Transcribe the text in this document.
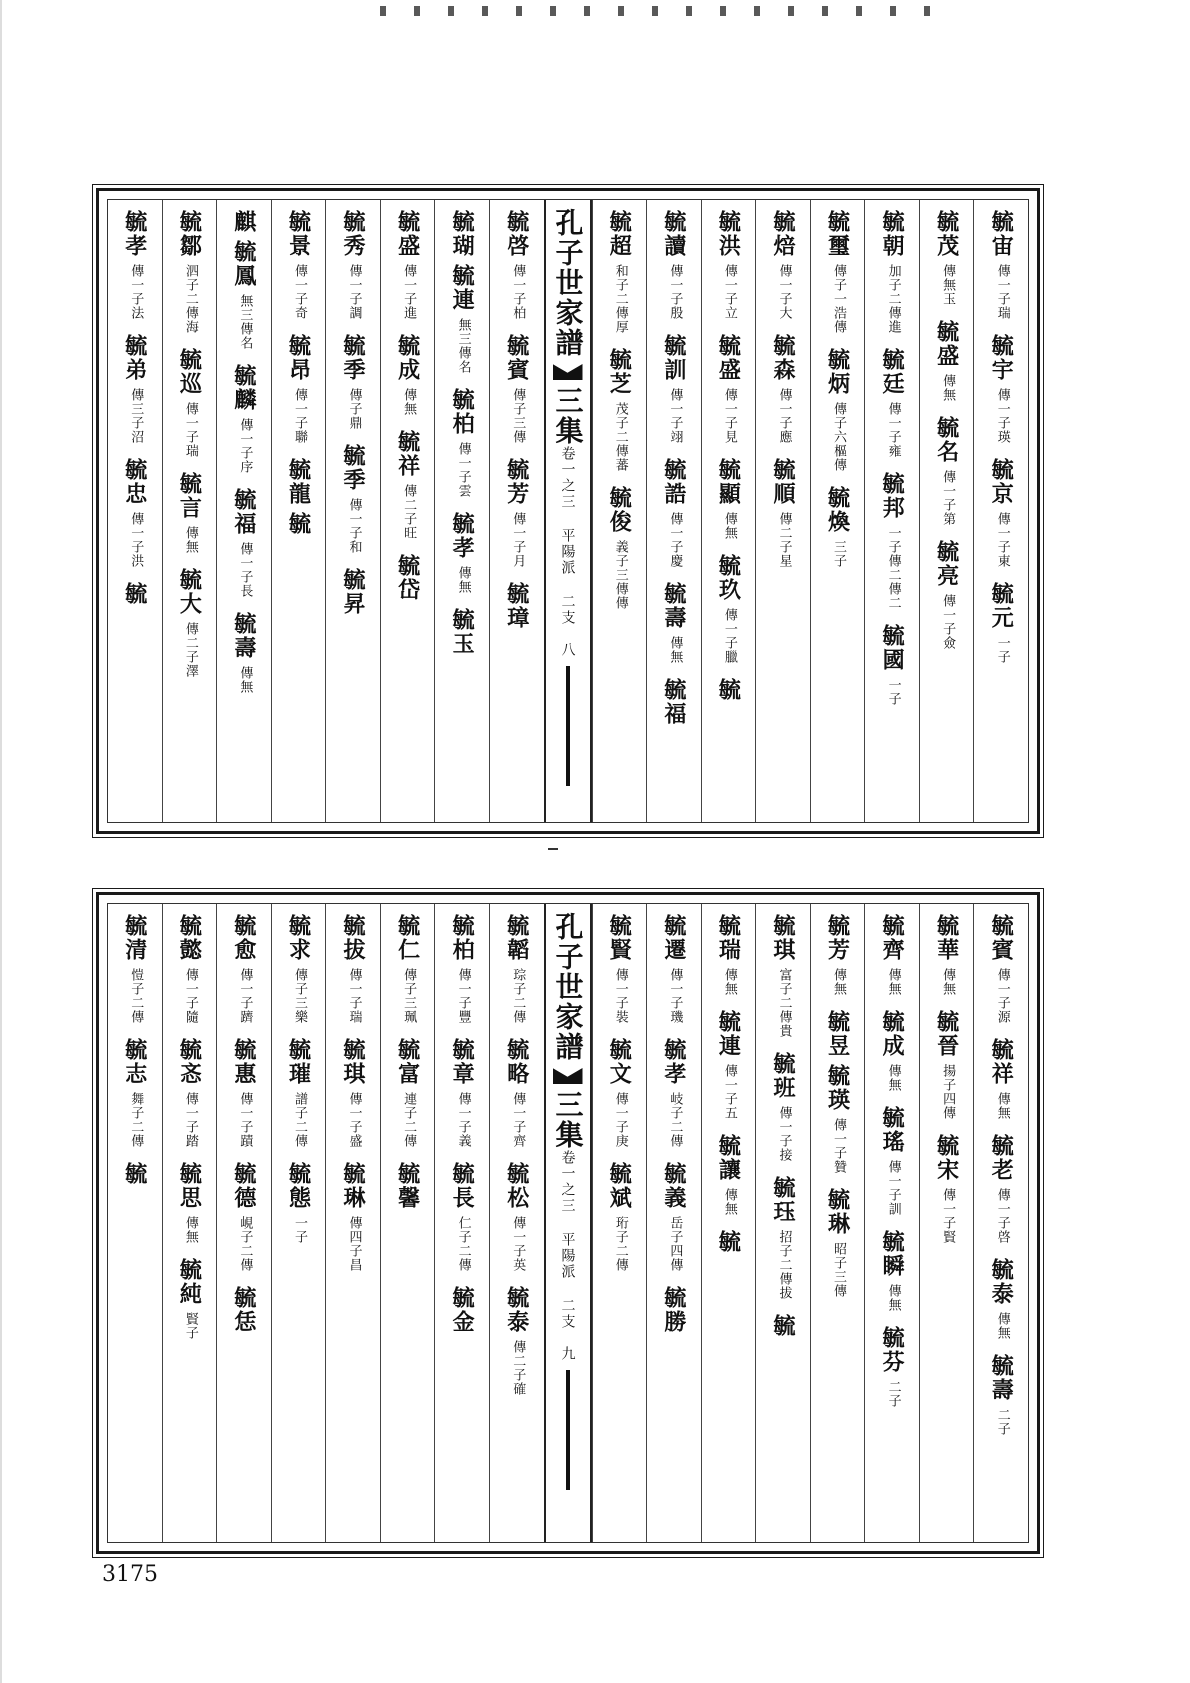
毓宙
傳一子瑞
毓宇
傳一子瑛
毓京
傳一子東
毓元
一子
毓茂
傳無玉
毓盛
傳無
毓名
傳一子第
毓亮
傳一子僉
毓朝
加子二傳進
毓廷
傳一子雍
毓邦
一子傳二傳二
毓國
一子
毓璽
傳子一浩傳
毓炳
傳子六樞傳
毓煥
三子
毓焙
傳一子大
毓森
傳一子應
毓順
傳二子星
毓洪
傳一子立
毓盛
傳一子見
毓顯
傳無
毓玖
傳一子臘
毓
毓讀
傳一子殷
毓訓
傳一子翊
毓誥
傳一子慶
毓壽
傳無
毓福
毓超
和子二傳厚
毓芝
茂子二傳蕃
毓俊
義子三傳傳
孔子世家譜
三集
卷一之三 平陽派 二支
八
毓啓
傳一子柏
毓賓
傳子三傳
毓芳
傳一子月
毓璋
毓瑚
毓連
無三傳名
毓柏
傳一子雲
毓孝
傳無
毓玉
毓盛
傳一子進
毓成
傳無
毓祥
傳二子旺
毓岱
毓秀
傳一子調
毓季
傳子鼎
毓季
傳一子和
毓昇
毓景
傳一子奇
毓昂
傳一子聯
毓龍
毓
麒
毓鳳
無三傳名
毓麟
傳一子序
毓福
傳一子長
毓壽
傳無
毓鄒
泗子二傳海
毓巡
傳一子瑞
毓言
傳無
毓大
傳二子澤
毓孝
傳一子法
毓弟
傳三子沼
毓忠
傳一子洪
毓
毓賓
傳一子源
毓祥
傳無
毓老
傳一子啓
毓泰
傳無
毓壽
二子
毓華
傳無
毓晉
揚子四傳
毓宋
傳一子賢
毓齊
傳無
毓成
傳無
毓瑤
傳一子訓
毓瞬
傳無
毓芬
二子
毓芳
傳無
毓昱
毓瑛
傳一子贊
毓琳
昭子三傳
毓琪
富子二傳貴
毓班
傳一子接
毓珏
招子二傳拔
毓
毓瑞
傳無
毓連
傳一子五
毓讓
傳無
毓
毓遷
傳一子璣
毓孝
岐子二傳
毓義
岳子四傳
毓勝
毓賢
傳一子裝
毓文
傳一子庚
毓斌
珩子二傳
孔子世家譜
三集
卷一之三 平陽派 二支
九
毓韜
琮子二傳
毓略
傳一子齊
毓松
傳一子英
毓泰
傳二子確
毓柏
傳一子豐
毓章
傳一子義
毓長
仁子二傳
毓金
毓仁
傳子三珮
毓富
連子二傳
毓馨
毓拔
傳一子瑞
毓琪
傳一子盛
毓琳
傳四子昌
毓求
傳子三樂
毓璀
譜子二傳
毓態
一子
毓愈
傳一子躋
毓惠
傳一子蹟
毓德
峴子二傳
毓恁
毓懿
傳一子隨
毓忞
傳一子踏
毓思
傳無
毓純
賢子
毓清
愷子二傳
毓志
舞子二傳
毓
3175
